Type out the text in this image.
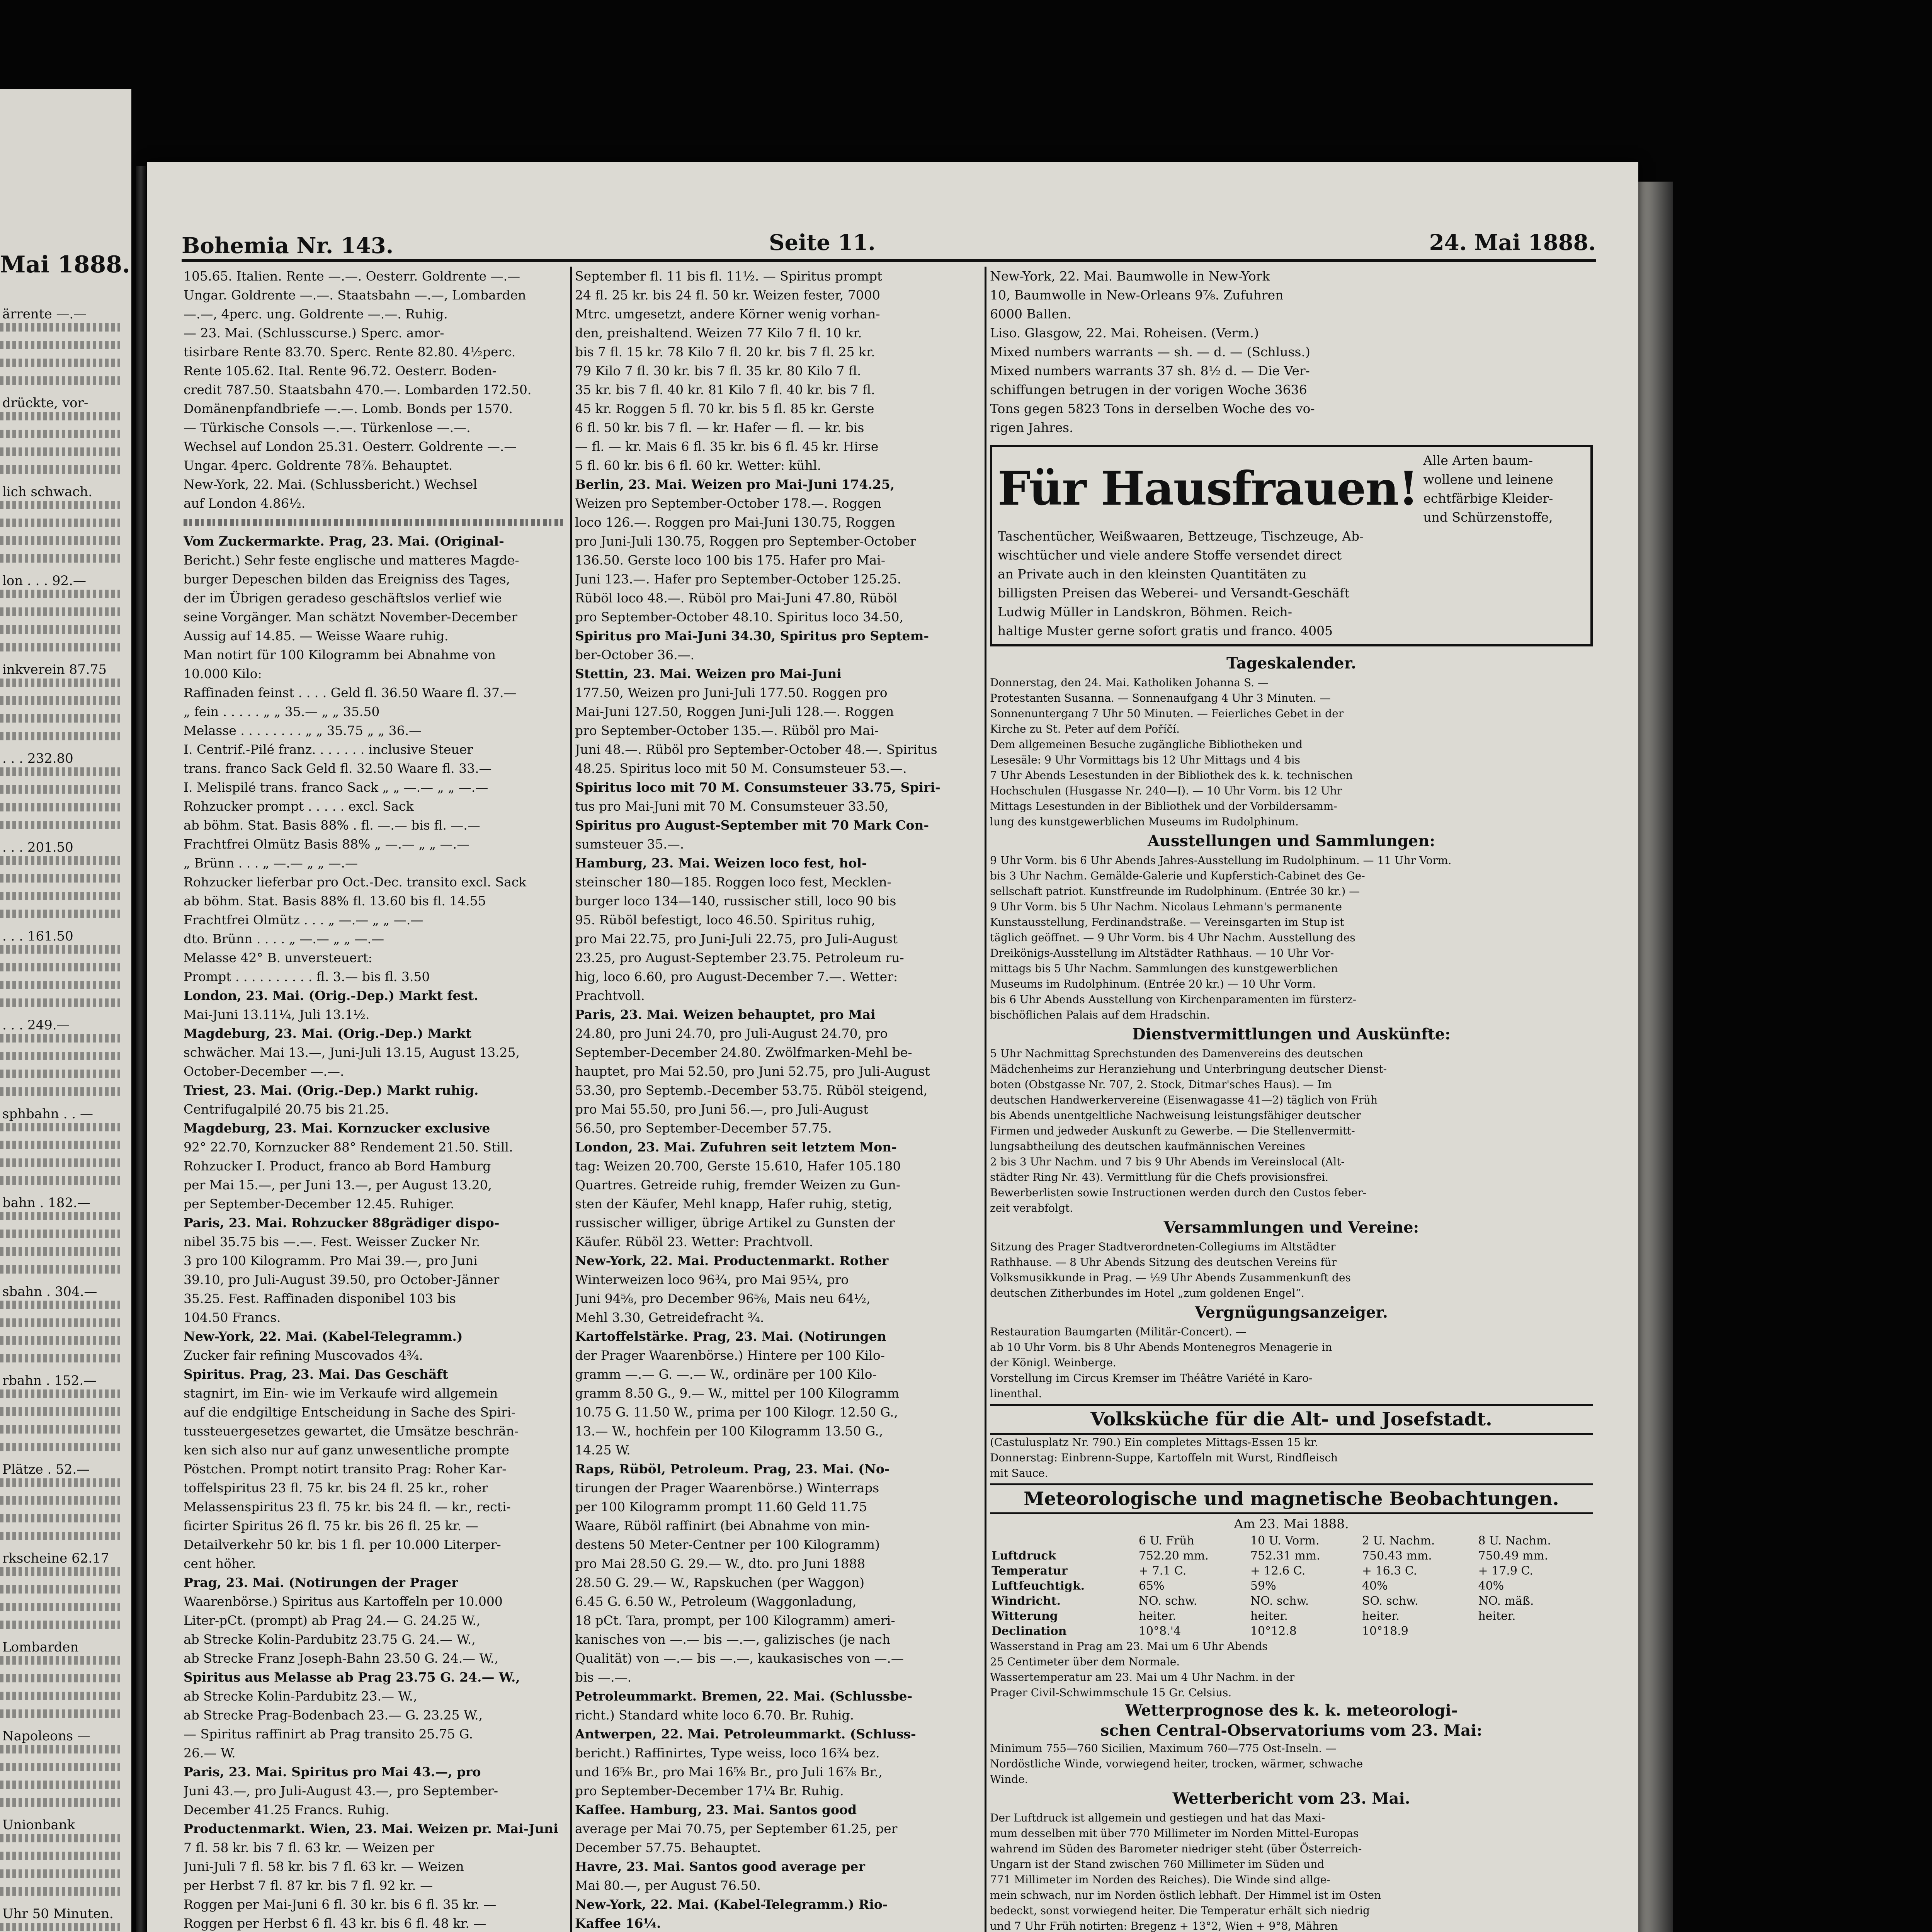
Mai 1888.
ärrente —.—
drückte, vor-
lich schwach.
lon . . . 92.—
inkverein 87.75
. . . 232.80
. . . 201.50
. . . 161.50
. . . 249.—
sphbahn . . —
bahn . 182.—
sbahn . 304.—
rbahn . 152.—
Plätze . 52.—
rkscheine 62.17
Lombarden
Napoleons —
Unionbank
Uhr 50 Minuten.
Bohemia Nr. 143.	Seite 11.	24. Mai 1888.
105.65. Italien. Rente —.—. Oesterr. Goldrente —.—
Ungar. Goldrente —.—. Staatsbahn —.—, Lombarden
—.—, 4perc. ung. Goldrente —.—. Ruhig.
— 23. Mai. (Schlusscurse.) Sperc. amor-
tisirbare Rente 83.70. Sperc. Rente 82.80. 4½perc.
Rente 105.62. Ital. Rente 96.72. Oesterr. Boden-
credit 787.50. Staatsbahn 470.—. Lombarden 172.50.
Domänenpfandbriefe —.—. Lomb. Bonds per 1570.
— Türkische Consols —.—. Türkenlose —.—.
Wechsel auf London 25.31. Oesterr. Goldrente —.—
Ungar. 4perc. Goldrente 78⅞. Behauptet.
New-York, 22. Mai. (Schlussbericht.) Wechsel
auf London 4.86½.
Vom Zuckermarkte. Prag, 23. Mai. (Original-
Bericht.) Sehr feste englische und matteres Magde-
burger Depeschen bilden das Ereigniss des Tages,
der im Übrigen geradeso geschäftslos verlief wie
seine Vorgänger. Man schätzt November-December
Aussig auf 14.85. — Weisse Waare ruhig.
Man notirt für 100 Kilogramm bei Abnahme von
10.000 Kilo:
Raffinaden feinst . . . . Geld fl. 36.50 Waare fl. 37.—
„ fein . . . . . „ „ 35.— „ „ 35.50
Melasse . . . . . . . . „ „ 35.75 „ „ 36.—
I. Centrif.-Pilé franz. . . . . . . inclusive Steuer
trans. franco Sack Geld fl. 32.50 Waare fl. 33.—
I. Melispilé trans. franco Sack „ „ —.— „ „ —.—
Rohzucker prompt . . . . . excl. Sack
ab böhm. Stat. Basis 88% . fl. —.— bis fl. —.—
Frachtfrei Olmütz Basis 88% „ —.— „ „ —.—
„ Brünn . . . „ —.— „ „ —.—
Rohzucker lieferbar pro Oct.-Dec. transito excl. Sack
ab böhm. Stat. Basis 88% fl. 13.60 bis fl. 14.55
Frachtfrei Olmütz . . . „ —.— „ „ —.—
dto. Brünn . . . . „ —.— „ „ —.—
Melasse 42° B. unversteuert:
Prompt . . . . . . . . . . fl. 3.— bis fl. 3.50
London, 23. Mai. (Orig.-Dep.) Markt fest.
Mai-Juni 13.11¼, Juli 13.1½.
Magdeburg, 23. Mai. (Orig.-Dep.) Markt
schwächer. Mai 13.—, Juni-Juli 13.15, August 13.25,
October-December —.—.
Triest, 23. Mai. (Orig.-Dep.) Markt ruhig.
Centrifugalpilé 20.75 bis 21.25.
Magdeburg, 23. Mai. Kornzucker exclusive
92° 22.70, Kornzucker 88° Rendement 21.50. Still.
Rohzucker I. Product, franco ab Bord Hamburg
per Mai 15.—, per Juni 13.—, per August 13.20,
per September-December 12.45. Ruhiger.
Paris, 23. Mai. Rohzucker 88grädiger dispo-
nibel 35.75 bis —.—. Fest. Weisser Zucker Nr.
3 pro 100 Kilogramm. Pro Mai 39.—, pro Juni
39.10, pro Juli-August 39.50, pro October-Jänner
35.25. Fest. Raffinaden disponibel 103 bis
104.50 Francs.
New-York, 22. Mai. (Kabel-Telegramm.)
Zucker fair refining Muscovados 4¾.
Spiritus. Prag, 23. Mai. Das Geschäft
stagnirt, im Ein- wie im Verkaufe wird allgemein
auf die endgiltige Entscheidung in Sache des Spiri-
tussteuergesetzes gewartet, die Umsätze beschrän-
ken sich also nur auf ganz unwesentliche prompte
Pöstchen. Prompt notirt transito Prag: Roher Kar-
toffelspiritus 23 fl. 75 kr. bis 24 fl. 25 kr., roher
Melassenspiritus 23 fl. 75 kr. bis 24 fl. — kr., recti-
ficirter Spiritus 26 fl. 75 kr. bis 26 fl. 25 kr. —
Detailverkehr 50 kr. bis 1 fl. per 10.000 Literper-
cent höher.
Prag, 23. Mai. (Notirungen der Prager
Waarenbörse.) Spiritus aus Kartoffeln per 10.000
Liter-pCt. (prompt) ab Prag 24.— G. 24.25 W.,
ab Strecke Kolin-Pardubitz 23.75 G. 24.— W.,
ab Strecke Franz Joseph-Bahn 23.50 G. 24.— W.,
Spiritus aus Melasse ab Prag 23.75 G. 24.— W.,
ab Strecke Kolin-Pardubitz 23.— W.,
ab Strecke Prag-Bodenbach 23.— G. 23.25 W.,
— Spiritus raffinirt ab Prag transito 25.75 G.
26.— W.
Paris, 23. Mai. Spiritus pro Mai 43.—, pro
Juni 43.—, pro Juli-August 43.—, pro September-
December 41.25 Francs. Ruhig.
Productenmarkt. Wien, 23. Mai. Weizen pr. Mai-Juni
7 fl. 58 kr. bis 7 fl. 63 kr. — Weizen per
Juni-Juli 7 fl. 58 kr. bis 7 fl. 63 kr. — Weizen
per Herbst 7 fl. 87 kr. bis 7 fl. 92 kr. —
Roggen per Mai-Juni 6 fl. 30 kr. bis 6 fl. 35 kr. —
Roggen per Herbst 6 fl. 43 kr. bis 6 fl. 48 kr. —
September fl. 11 bis fl. 11½. — Spiritus prompt
24 fl. 25 kr. bis 24 fl. 50 kr. Weizen fester, 7000
Mtrc. umgesetzt, andere Körner wenig vorhan-
den, preishaltend. Weizen 77 Kilo 7 fl. 10 kr.
bis 7 fl. 15 kr. 78 Kilo 7 fl. 20 kr. bis 7 fl. 25 kr.
79 Kilo 7 fl. 30 kr. bis 7 fl. 35 kr. 80 Kilo 7 fl.
35 kr. bis 7 fl. 40 kr. 81 Kilo 7 fl. 40 kr. bis 7 fl.
45 kr. Roggen 5 fl. 70 kr. bis 5 fl. 85 kr. Gerste
6 fl. 50 kr. bis 7 fl. — kr. Hafer — fl. — kr. bis
— fl. — kr. Mais 6 fl. 35 kr. bis 6 fl. 45 kr. Hirse
5 fl. 60 kr. bis 6 fl. 60 kr. Wetter: kühl.
Berlin, 23. Mai. Weizen pro Mai-Juni 174.25,
Weizen pro September-October 178.—. Roggen
loco 126.—. Roggen pro Mai-Juni 130.75, Roggen
pro Juni-Juli 130.75, Roggen pro September-October
136.50. Gerste loco 100 bis 175. Hafer pro Mai-
Juni 123.—. Hafer pro September-October 125.25.
Rüböl loco 48.—. Rüböl pro Mai-Juni 47.80, Rüböl
pro September-October 48.10. Spiritus loco 34.50,
Spiritus pro Mai-Juni 34.30, Spiritus pro Septem-
ber-October 36.—.
Stettin, 23. Mai. Weizen pro Mai-Juni
177.50, Weizen pro Juni-Juli 177.50. Roggen pro
Mai-Juni 127.50, Roggen Juni-Juli 128.—. Roggen
pro September-October 135.—. Rüböl pro Mai-
Juni 48.—. Rüböl pro September-October 48.—. Spiritus
48.25. Spiritus loco mit 50 M. Consumsteuer 53.—.
Spiritus loco mit 70 M. Consumsteuer 33.75, Spiri-
tus pro Mai-Juni mit 70 M. Consumsteuer 33.50,
Spiritus pro August-September mit 70 Mark Con-
sumsteuer 35.—.
Hamburg, 23. Mai. Weizen loco fest, hol-
steinscher 180—185. Roggen loco fest, Mecklen-
burger loco 134—140, russischer still, loco 90 bis
95. Rüböl befestigt, loco 46.50. Spiritus ruhig,
pro Mai 22.75, pro Juni-Juli 22.75, pro Juli-August
23.25, pro August-September 23.75. Petroleum ru-
hig, loco 6.60, pro August-December 7.—. Wetter:
Prachtvoll.
Paris, 23. Mai. Weizen behauptet, pro Mai
24.80, pro Juni 24.70, pro Juli-August 24.70, pro
September-December 24.80. Zwölfmarken-Mehl be-
hauptet, pro Mai 52.50, pro Juni 52.75, pro Juli-August
53.30, pro Septemb.-December 53.75. Rüböl steigend,
pro Mai 55.50, pro Juni 56.—, pro Juli-August
56.50, pro September-December 57.75.
London, 23. Mai. Zufuhren seit letztem Mon-
tag: Weizen 20.700, Gerste 15.610, Hafer 105.180
Quartres. Getreide ruhig, fremder Weizen zu Gun-
sten der Käufer, Mehl knapp, Hafer ruhig, stetig,
russischer williger, übrige Artikel zu Gunsten der
Käufer. Rüböl 23. Wetter: Prachtvoll.
New-York, 22. Mai. Productenmarkt. Rother
Winterweizen loco 96¾, pro Mai 95¼, pro
Juni 94⅝, pro December 96⅝, Mais neu 64½,
Mehl 3.30, Getreidefracht ¾.
Kartoffelstärke. Prag, 23. Mai. (Notirungen
der Prager Waarenbörse.) Hintere per 100 Kilo-
gramm —.— G. —.— W., ordinäre per 100 Kilo-
gramm 8.50 G., 9.— W., mittel per 100 Kilogramm
10.75 G. 11.50 W., prima per 100 Kilogr. 12.50 G.,
13.— W., hochfein per 100 Kilogramm 13.50 G.,
14.25 W.
Raps, Rüböl, Petroleum. Prag, 23. Mai. (No-
tirungen der Prager Waarenbörse.) Winterraps
per 100 Kilogramm prompt 11.60 Geld 11.75
Waare, Rüböl raffinirt (bei Abnahme von min-
destens 50 Meter-Centner per 100 Kilogramm)
pro Mai 28.50 G. 29.— W., dto. pro Juni 1888
28.50 G. 29.— W., Rapskuchen (per Waggon)
6.45 G. 6.50 W., Petroleum (Waggonladung,
18 pCt. Tara, prompt, per 100 Kilogramm) ameri-
kanisches von —.— bis —.—, galizisches (je nach
Qualität) von —.— bis —.—, kaukasisches von —.—
bis —.—.
Petroleummarkt. Bremen, 22. Mai. (Schlussbe-
richt.) Standard white loco 6.70. Br. Ruhig.
Antwerpen, 22. Mai. Petroleummarkt. (Schluss-
bericht.) Raffinirtes, Type weiss, loco 16¾ bez.
und 16⅝ Br., pro Mai 16⅝ Br., pro Juli 16⅞ Br.,
pro September-December 17¼ Br. Ruhig.
Kaffee. Hamburg, 23. Mai. Santos good
average per Mai 70.75, per September 61.25, per
December 57.75. Behauptet.
Havre, 23. Mai. Santos good average per
Mai 80.—, per August 76.50.
New-York, 22. Mai. (Kabel-Telegramm.) Rio-
Kaffee 16¼.
New-York, 22. Mai. Baumwolle in New-York
10, Baumwolle in New-Orleans 9⅞. Zufuhren
6000 Ballen.
Liso. Glasgow, 22. Mai. Roheisen. (Verm.)
Mixed numbers warrants — sh. — d. — (Schluss.)
Mixed numbers warrants 37 sh. 8½ d. — Die Ver-
schiffungen betrugen in der vorigen Woche 3636
Tons gegen 5823 Tons in derselben Woche des vo-
rigen Jahres.
Für Hausfrauen!
Alle Arten baum-
wollene und leinene
echtfärbige Kleider-
und Schürzenstoffe,
Taschentücher, Weißwaaren, Bettzeuge, Tischzeuge, Ab-
wischtücher und viele andere Stoffe versendet direct
an Private auch in den kleinsten Quantitäten zu
billigsten Preisen das Weberei- und Versandt-Geschäft
Ludwig Müller in Landskron, Böhmen. Reich-
haltige Muster gerne sofort gratis und franco. 4005
Tageskalender.
Donnerstag, den 24. Mai. Katholiken Johanna S. —
Protestanten Susanna. — Sonnenaufgang 4 Uhr 3 Minuten. —
Sonnenuntergang 7 Uhr 50 Minuten. — Feierliches Gebet in der
Kirche zu St. Peter auf dem Poříčí.
Dem allgemeinen Besuche zugängliche Bibliotheken und
Lesesäle: 9 Uhr Vormittags bis 12 Uhr Mittags und 4 bis
7 Uhr Abends Lesestunden in der Bibliothek des k. k. technischen
Hochschulen (Husgasse Nr. 240—I). — 10 Uhr Vorm. bis 12 Uhr
Mittags Lesestunden in der Bibliothek und der Vorbildersamm-
lung des kunstgewerblichen Museums im Rudolphinum.
Ausstellungen und Sammlungen:
9 Uhr Vorm. bis 6 Uhr Abends Jahres-Ausstellung im Rudolphinum. — 11 Uhr Vorm.
bis 3 Uhr Nachm. Gemälde-Galerie und Kupferstich-Cabinet des Ge-
sellschaft patriot. Kunstfreunde im Rudolphinum. (Entrée 30 kr.) —
9 Uhr Vorm. bis 5 Uhr Nachm. Nicolaus Lehmann's permanente
Kunstausstellung, Ferdinandstraße. — Vereinsgarten im Stup ist
täglich geöffnet. — 9 Uhr Vorm. bis 4 Uhr Nachm. Ausstellung des
Dreikönigs-Ausstellung im Altstädter Rathhaus. — 10 Uhr Vor-
mittags bis 5 Uhr Nachm. Sammlungen des kunstgewerblichen
Museums im Rudolphinum. (Entrée 20 kr.) — 10 Uhr Vorm.
bis 6 Uhr Abends Ausstellung von Kirchenparamenten im fürsterz-
bischöflichen Palais auf dem Hradschin.
Dienstvermittlungen und Auskünfte:
5 Uhr Nachmittag Sprechstunden des Damenvereins des deutschen
Mädchenheims zur Heranziehung und Unterbringung deutscher Dienst-
boten (Obstgasse Nr. 707, 2. Stock, Ditmar'sches Haus). — Im
deutschen Handwerkervereine (Eisenwagasse 41—2) täglich von Früh
bis Abends unentgeltliche Nachweisung leistungsfähiger deutscher
Firmen und jedweder Auskunft zu Gewerbe. — Die Stellenvermitt-
lungsabtheilung des deutschen kaufmännischen Vereines
2 bis 3 Uhr Nachm. und 7 bis 9 Uhr Abends im Vereinslocal (Alt-
städter Ring Nr. 43). Vermittlung für die Chefs provisionsfrei.
Bewerberlisten sowie Instructionen werden durch den Custos feber-
zeit verabfolgt.
Versammlungen und Vereine:
Sitzung des Prager Stadtverordneten-Collegiums im Altstädter
Rathhause. — 8 Uhr Abends Sitzung des deutschen Vereins für
Volksmusikkunde in Prag. — ½9 Uhr Abends Zusammenkunft des
deutschen Zitherbundes im Hotel „zum goldenen Engel“.
Vergnügungsanzeiger.
Restauration Baumgarten (Militär-Concert). —
ab 10 Uhr Vorm. bis 8 Uhr Abends Montenegros Menagerie in
der Königl. Weinberge.
Vorstellung im Circus Kremser im Théâtre Variété in Karo-
linenthal.
Volksküche für die Alt- und Josefstadt.
(Castulusplatz Nr. 790.) Ein completes Mittags-Essen 15 kr.
Donnerstag: Einbrenn-Suppe, Kartoffeln mit Wurst, Rindfleisch
mit Sauce.
Meteorologische und magnetische Beobachtungen.
Am 23. Mai 1888.
	6 U. Früh	10 U. Vorm.	2 U. Nachm.	8 U. Nachm.
Luftdruck	752.20 mm.	752.31 mm.	750.43 mm.	750.49 mm.
Temperatur	+ 7.1 C.	+ 12.6 C.	+ 16.3 C.	+ 17.9 C.
Luftfeuchtigk.	65%	59%	40%	40%
Windricht.	NO. schw.	NO. schw.	SO. schw.	NO. mäß.
Witterung	heiter.	heiter.	heiter.	heiter.
Declination	10°8.'4	10°12.8	10°18.9	
Wasserstand in Prag am 23. Mai um 6 Uhr Abends
25 Centimeter über dem Normale.
Wassertemperatur am 23. Mai um 4 Uhr Nachm. in der
Prager Civil-Schwimmschule 15 Gr. Celsius.
Wetterprognose des k. k. meteorologi-
schen Central-Observatoriums vom 23. Mai:
Minimum 755—760 Sicilien, Maximum 760—775 Ost-Inseln. —
Nordöstliche Winde, vorwiegend heiter, trocken, wärmer, schwache
Winde.
Wetterbericht vom 23. Mai.
Der Luftdruck ist allgemein und gestiegen und hat das Maxi-
mum desselben mit über 770 Millimeter im Norden Mittel-Europas
wahrend im Süden des Barometer niedriger steht (über Österreich-
Ungarn ist der Stand zwischen 760 Millimeter im Süden und
771 Millimeter im Norden des Reiches). Die Winde sind allge-
mein schwach, nur im Norden östlich lebhaft. Der Himmel ist im Osten
bedeckt, sonst vorwiegend heiter. Die Temperatur erhält sich niedrig
und 7 Uhr Früh notirten: Bregenz + 13°2, Wien + 9°8, Mähren
